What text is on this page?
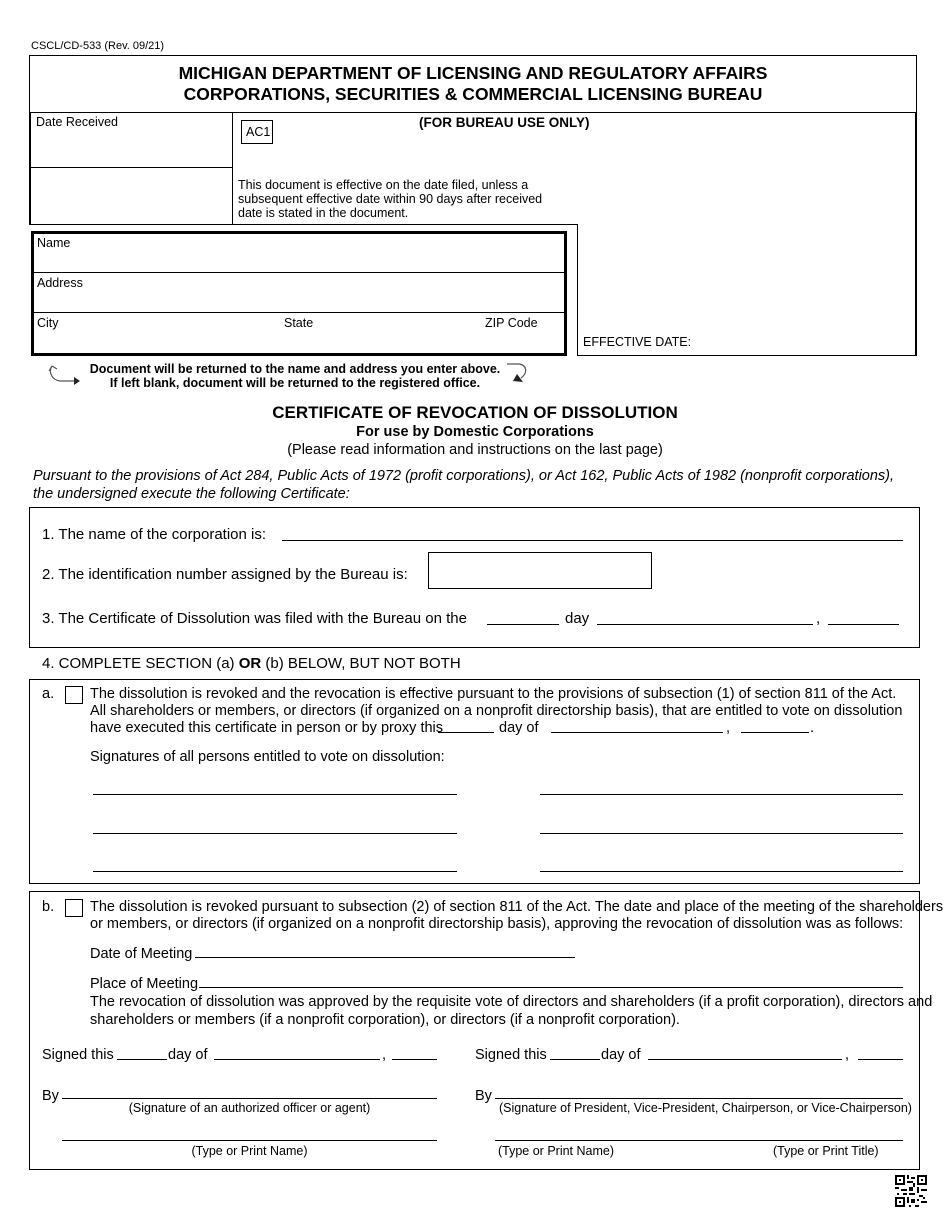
CSCL/CD-533 (Rev. 09/21)
MICHIGAN DEPARTMENT OF LICENSING AND REGULATORY AFFAIRS
CORPORATIONS, SECURITIES & COMMERCIAL LICENSING BUREAU
Date Received	(FOR BUREAU USE ONLY)
AC1
This document is effective on the date filed, unless a subsequent effective date within 90 days after received date is stated in the document.
EFFECTIVE DATE:
Name
Address
City	State	ZIP Code
Document will be returned to the name and address you enter above.
If left blank, document will be returned to the registered office.
CERTIFICATE OF REVOCATION OF DISSOLUTION
For use by Domestic Corporations
(Please read information and instructions on the last page)
Pursuant to the provisions of Act 284, Public Acts of 1972 (profit corporations), or Act 162, Public Acts of 1982 (nonprofit corporations), the undersigned execute the following Certificate:
1. The name of the corporation is:
2. The identification number assigned by the Bureau is:
3. The Certificate of Dissolution was filed with the Bureau on the	day	,
4. COMPLETE SECTION (a) OR (b) BELOW, BUT NOT BOTH
a. The dissolution is revoked and the revocation is effective pursuant to the provisions of subsection (1) of section 811 of the Act.
All shareholders or members, or directors (if organized on a nonprofit directorship basis), that are entitled to vote on dissolution
have executed this certificate in person or by proxy this	day of	,	.
Signatures of all persons entitled to vote on dissolution:
b. The dissolution is revoked pursuant to subsection (2) of section 811 of the Act. The date and place of the meeting of the shareholders
or members, or directors (if organized on a nonprofit directorship basis), approving the revocation of dissolution was as follows:
Date of Meeting
Place of Meeting
The revocation of dissolution was approved by the requisite vote of directors and shareholders (if a profit corporation), directors and
shareholders or members (if a nonprofit corporation), or directors (if a nonprofit corporation).
Signed this	day of	,	Signed this	day of	,
By
(Signature of an authorized officer or agent)
By
(Signature of President, Vice-President, Chairperson, or Vice-Chairperson)
(Type or Print Name)	(Type or Print Name)	(Type or Print Title)
